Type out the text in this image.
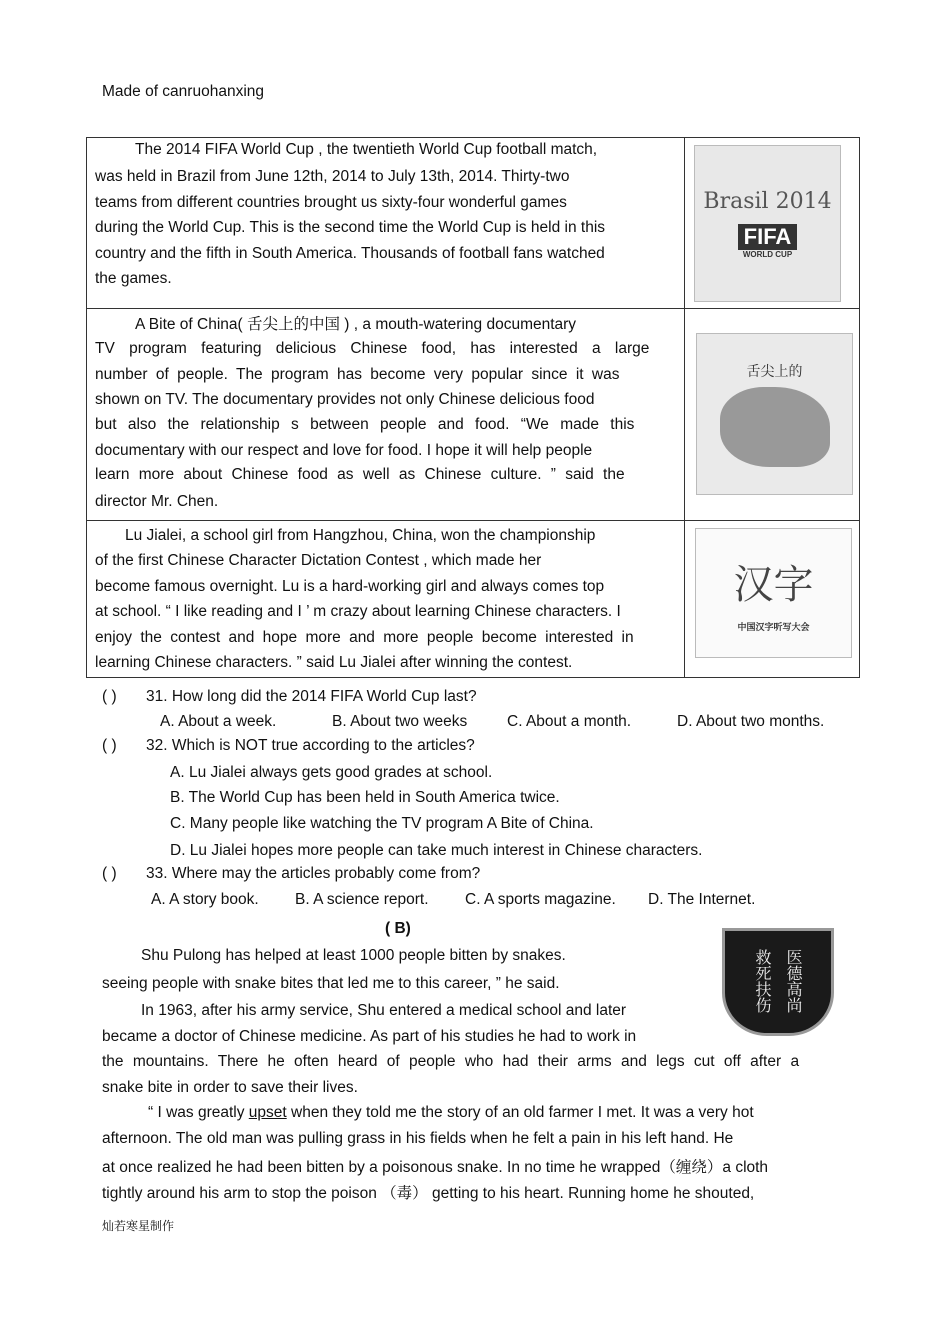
Made of canruohanxing
The 2014 FIFA World Cup , the twentieth World Cup football match,
was held in Brazil from June 12th, 2014 to July 13th, 2014. Thirty-two
teams from different countries brought us sixty-four wonderful games
during the World Cup. This is the second time the World Cup is held in this
country and the fifth in South America. Thousands of football fans watched
the games.
A Bite of China( 舌尖上的中国 ) , a mouth-watering documentary
TV program featuring delicious Chinese food, has interested a large
number of people. The program has become very popular since it was
shown on TV. The documentary provides not only Chinese delicious food
but also the relationship s between people and food. “We made this
documentary with our respect and love for food. I hope it will help people
learn more about Chinese food as well as Chinese culture. ” said the
director Mr. Chen.
Lu Jialei, a school girl from Hangzhou, China, won the championship
of the first Chinese Character Dictation Contest , which made her
become famous overnight. Lu is a hard-working girl and always comes top
at school. “ I like reading and I ’ m crazy about learning Chinese characters. I
enjoy the contest and hope more and more people become interested in
learning Chinese characters. ” said Lu Jialei after winning the contest.
Brasil 2014
FIFA
WORLD CUP
舌尖上的
汉字
中国汉字听写大会
( ) 31. How long did the 2014 FIFA World Cup last?
A. About a week.	B. About two weeks	C. About a month.	D. About two months.
( ) 32. Which is NOT true according to the articles?
A. Lu Jialei always gets good grades at school.
B. The World Cup has been held in South America twice.
C. Many people like watching the TV program A Bite of China.
D. Lu Jialei hopes more people can take much interest in Chinese characters.
( ) 33. Where may the articles probably come from?
A. A story book. B. A science report. C. A sports magazine. D. The Internet.
( B)
Shu Pulong has helped at least 1000 people bitten by snakes.
seeing people with snake bites that led me to this career, ” he said.
In 1963, after his army service, Shu entered a medical school and later
became a doctor of Chinese medicine. As part of his studies he had to work in
the mountains. There he often heard of people who had their arms and legs cut off after a
snake bite in order to save their lives.
“ I was greatly upset when they told me the story of an old farmer I met. It was a very hot
afternoon. The old man was pulling grass in his fields when he felt a pain in his left hand. He
at once realized he had been bitten by a poisonous snake. In no time he wrapped（缠绕）a cloth
tightly around his arm to stop the poison （毒） getting to his heart. Running home he shouted,
救死扶伤 医德高尚
灿若寒星制作
